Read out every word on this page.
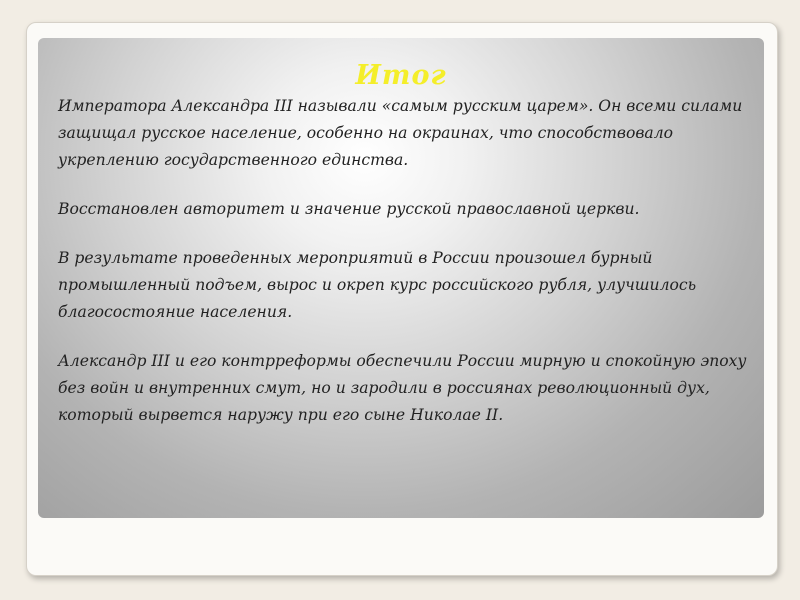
Итог

Императора Александра III называли «самым русским царем». Он всеми силами защищал русское население, особенно на окраинах, что способствовало укреплению государственного единства.

Восстановлен авторитет и значение русской православной церкви.

В результате проведенных мероприятий в России произошел бурный промышленный подъем, вырос и окреп курс российского рубля, улучшилось благосостояние населения.

Александр III и его контрреформы обеспечили России мирную и спокойную эпоху без войн и внутренних смут, но и зародили в россиянах революционный дух, который вырвется наружу при его сыне Николае II.
